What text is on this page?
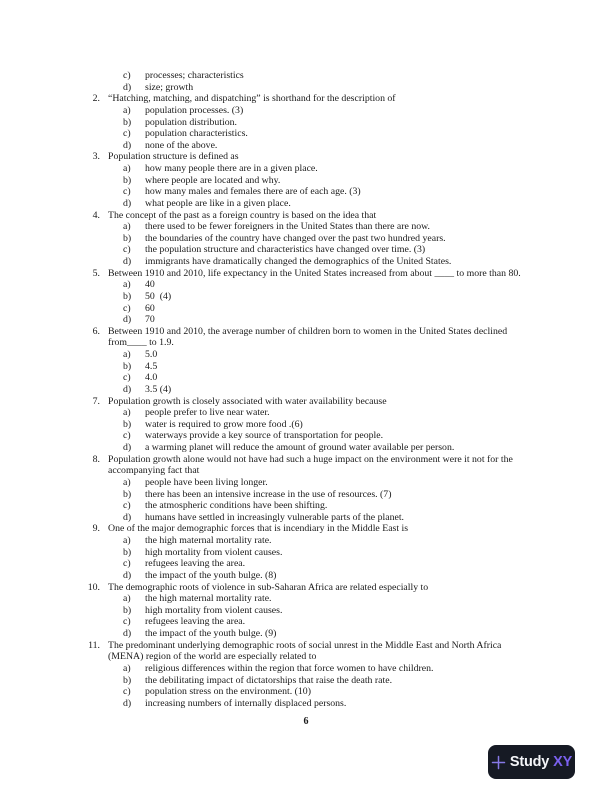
c)	processes; characteristics
d)	size; growth
2. “Hatching, matching, and dispatching” is shorthand for the description of
a)	population processes. (3)
b)	population distribution.
c)	population characteristics.
d)	none of the above.
3. Population structure is defined as
a)	how many people there are in a given place.
b)	where people are located and why.
c)	how many males and females there are of each age. (3)
d)	what people are like in a given place.
4. The concept of the past as a foreign country is based on the idea that
a)	there used to be fewer foreigners in the United States than there are now.
b)	the boundaries of the country have changed over the past two hundred years.
c)	the population structure and characteristics have changed over time. (3)
d)	immigrants have dramatically changed the demographics of the United States.
5. Between 1910 and 2010, life expectancy in the United States increased from about ____ to more than 80.
a)	40
b)	50  (4)
c)	60
d)	70
6. Between 1910 and 2010, the average number of children born to women in the United States declined
from____ to 1.9.
a)	5.0
b)	4.5
c)	4.0
d)	3.5 (4)
7. Population growth is closely associated with water availability because
a)	people prefer to live near water.
b)	water is required to grow more food .(6)
c)	waterways provide a key source of transportation for people.
d)	a warming planet will reduce the amount of ground water available per person.
8. Population growth alone would not have had such a huge impact on the environment were it not for the
accompanying fact that
a)	people have been living longer.
b)	there has been an intensive increase in the use of resources. (7)
c)	the atmospheric conditions have been shifting.
d)	humans have settled in increasingly vulnerable parts of the planet.
9. One of the major demographic forces that is incendiary in the Middle East is
a)	the high maternal mortality rate.
b)	high mortality from violent causes.
c)	refugees leaving the area.
d)	the impact of the youth bulge. (8)
10. The demographic roots of violence in sub-Saharan Africa are related especially to
a)	the high maternal mortality rate.
b)	high mortality from violent causes.
c)	refugees leaving the area.
d)	the impact of the youth bulge. (9)
11. The predominant underlying demographic roots of social unrest in the Middle East and North Africa
(MENA) region of the world are especially related to
a)	religious differences within the region that force women to have children.
b)	the debilitating impact of dictatorships that raise the death rate.
c)	population stress on the environment. (10)
d)	increasing numbers of internally displaced persons.
6
Study XY
